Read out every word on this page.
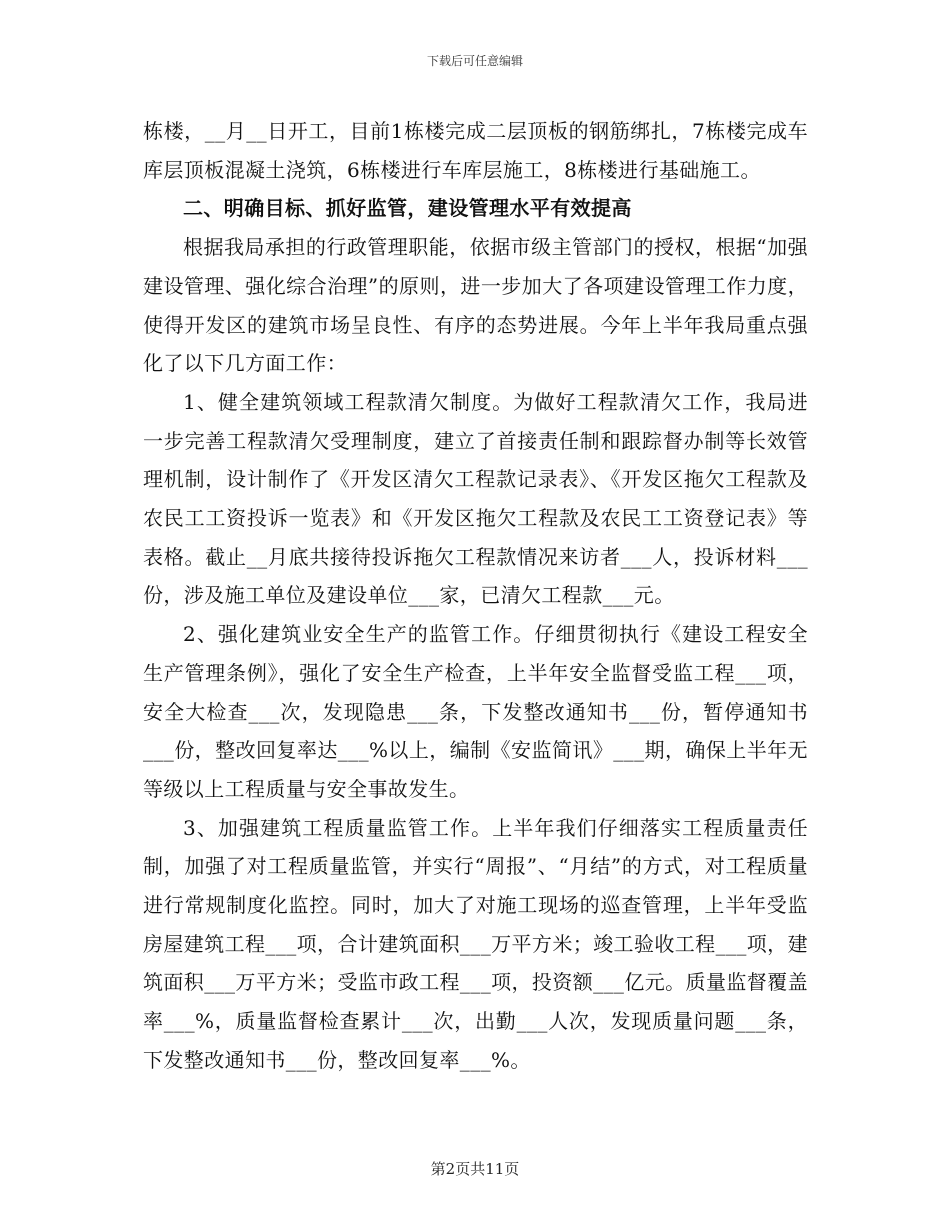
下载后可任意编辑

栋楼，__月__日开工，目前1栋楼完成二层顶板的钢筋绑扎，7栋楼完成车库层顶板混凝土浇筑，6栋楼进行车库层施工，8栋楼进行基础施工。

二、明确目标、抓好监管，建设管理水平有效提高

根据我局承担的行政管理职能，依据市级主管部门的授权，根据“加强建设管理、强化综合治理”的原则，进一步加大了各项建设管理工作力度，使得开发区的建筑市场呈良性、有序的态势进展。今年上半年我局重点强化了以下几方面工作：

1、健全建筑领域工程款清欠制度。为做好工程款清欠工作，我局进一步完善工程款清欠受理制度，建立了首接责任制和跟踪督办制等长效管理机制，设计制作了《开发区清欠工程款记录表》、《开发区拖欠工程款及农民工工资投诉一览表》和《开发区拖欠工程款及农民工工资登记表》等表格。截止__月底共接待投诉拖欠工程款情况来访者___人，投诉材料___份，涉及施工单位及建设单位___家，已清欠工程款___元。

2、强化建筑业安全生产的监管工作。仔细贯彻执行《建设工程安全生产管理条例》，强化了安全生产检查，上半年安全监督受监工程___项，安全大检查___次，发现隐患___条，下发整改通知书___份，暂停通知书___份，整改回复率达___%以上，编制《安监简讯》___期，确保上半年无等级以上工程质量与安全事故发生。

3、加强建筑工程质量监管工作。上半年我们仔细落实工程质量责任制，加强了对工程质量监管，并实行“周报”、“月结”的方式，对工程质量进行常规制度化监控。同时，加大了对施工现场的巡查管理，上半年受监房屋建筑工程___项，合计建筑面积___万平方米；竣工验收工程___项，建筑面积___万平方米；受监市政工程___项，投资额___亿元。质量监督覆盖率___%，质量监督检查累计___次，出勤___人次，发现质量问题___条，下发整改通知书___份，整改回复率___%。

第2页共11页
